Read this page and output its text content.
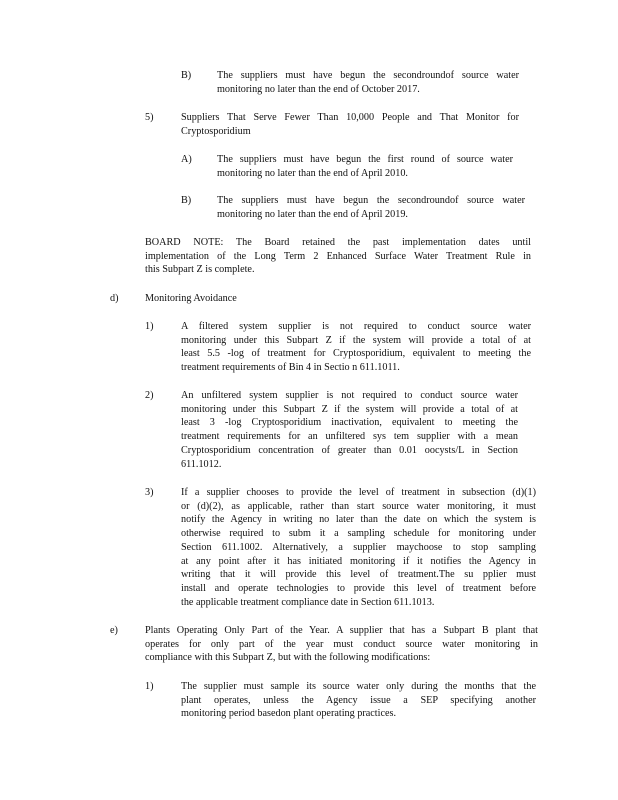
B)	The suppliers must have begun the secondroundof source water
monitoring no later than the end of October 2017.
5)	Suppliers That Serve Fewer Than 10,000 People and That Monitor for
Cryptosporidium
A) The suppliers must have begun the first round of source water
monitoring no later than the end of April 2010.
B)	The suppliers must have begun the secondroundof source water
monitoring no later than the end of April 2019.
BOARD NOTE: The Board retained the past implementation dates until
implementation of the Long Term 2 Enhanced Surface Water Treatment Rule in
this Subpart Z is complete.
d)	Monitoring Avoidance
1)	A filtered system supplier is not required to conduct source water
monitoring under this Subpart Z if the system will provide a total of at
least 5.5 -log of treatment for Cryptosporidium, equivalent to meeting the
treatment requirements of Bin 4 in Sectio n 611.1011.
2)	An unfiltered system supplier is not required to conduct source water
monitoring under this Subpart Z if the system will provide a total of at
least 3 -log Cryptosporidium inactivation, equivalent to meeting the
treatment requirements for an unfiltered sys tem supplier with a mean
Cryptosporidium concentration of greater than 0.01 oocysts/L in Section
611.1012.
3)	If a supplier chooses to provide the level of treatment in subsection (d)(1)
or (d)(2), as applicable, rather than start source water monitoring, it must
notify the Agency in writing no later than the date on which the system is
otherwise required to subm it a sampling schedule for monitoring under
Section 611.1002. Alternatively, a supplier maychoose to stop sampling
at any point after it has initiated monitoring if it notifies the Agency in
writing that it will provide this level of treatment.The su pplier must
install and operate technologies to provide this level of treatment before
the applicable treatment compliance date in Section 611.1013.
e)	Plants Operating Only Part of the Year. A supplier that has a Subpart B plant that
operates for only part of the year must conduct source water monitoring in
compliance with this Subpart Z, but with the following modifications:
1)	The supplier must sample its source water only during the months that the
plant operates, unless the Agency issue a SEP specifying another
monitoring period basedon plant operating practices.
